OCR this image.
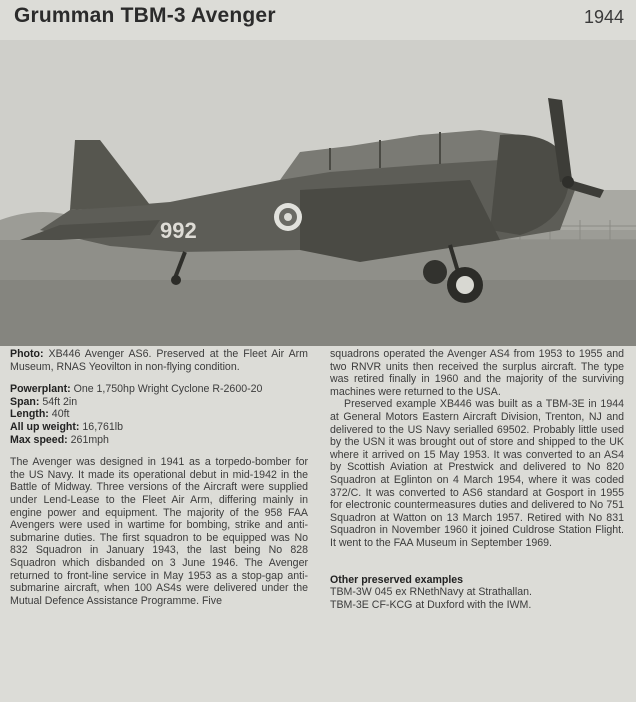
Grumman TBM-3 Avenger	1944
992

Photo: XB446 Avenger AS6. Preserved at the Fleet Air Arm Museum, RNAS Yeovilton in non-flying condition.

Powerplant: One 1,750hp Wright Cyclone R-2600-20

Span: 54ft 2in

Length: 40ft

All up weight: 16,761lb

Max speed: 261mph

The Avenger was designed in 1941 as a torpedo-bomber for the US Navy. It made its operational debut in mid-1942 in the Battle of Midway. Three versions of the Aircraft were supplied under Lend-Lease to the Fleet Air Arm, differing mainly in engine power and equipment. The majority of the 958 FAA Avengers were used in wartime for bombing, strike and anti-submarine duties. The first squadron to be equipped was No 832 Squadron in January 1943, the last being No 828 Squadron which disbanded on 3 June 1946. The Avenger returned to front-line service in May 1953 as a stop-gap anti-submarine aircraft, when 100 AS4s were delivered under the Mutual Defence Assistance Programme. Five

squadrons operated the Avenger AS4 from 1953 to 1955 and two RNVR units then received the surplus aircraft. The type was retired finally in 1960 and the majority of the surviving machines were returned to the USA.

Preserved example XB446 was built as a TBM-3E in 1944 at General Motors Eastern Aircraft Division, Trenton, NJ and delivered to the US Navy serialled 69502. Probably little used by the USN it was brought out of store and shipped to the UK where it arrived on 15 May 1953. It was converted to an AS4 by Scottish Aviation at Prestwick and delivered to No 820 Squadron at Eglinton on 4 March 1954, where it was coded 372/C. It was converted to AS6 standard at Gosport in 1955 for electronic countermeasures duties and delivered to No 751 Squadron at Watton on 13 March 1957. Retired with No 831 Squadron in November 1960 it joined Culdrose Station Flight. It went to the FAA Museum in September 1969.

Other preserved examples

TBM-3W 045 ex RNethNavy at Strathallan.

TBM-3E CF-KCG at Duxford with the IWM.
